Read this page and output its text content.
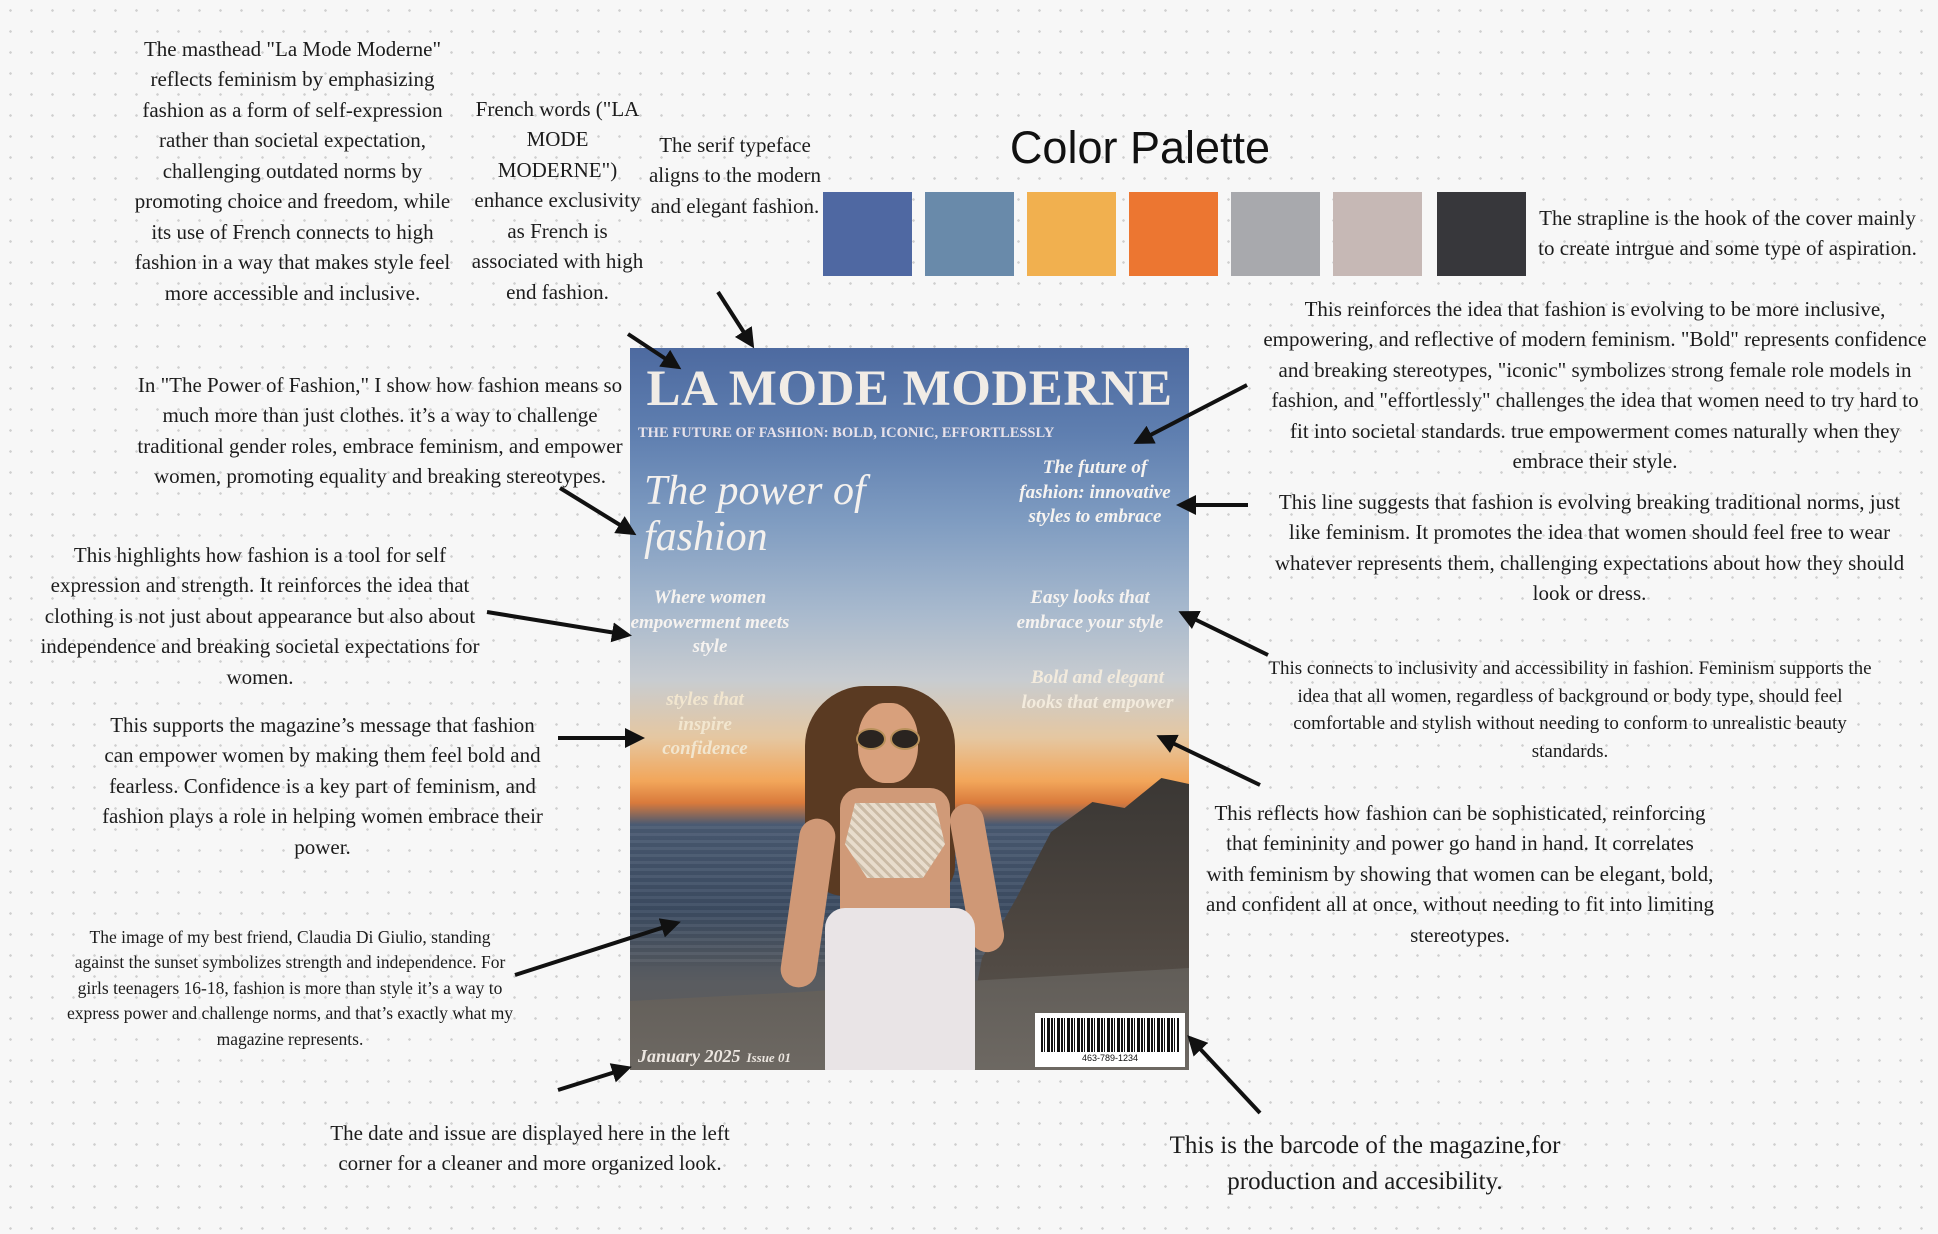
The masthead "La Mode Moderne" reflects feminism by emphasizing fashion as a form of self-expression rather than societal expectation, challenging outdated norms by promoting choice and freedom, while its use of French connects to high fashion in a way that makes style feel more accessible and inclusive.
French words ("LA MODE MODERNE") enhance exclusivity as French is associated with high end fashion.
The serif typeface aligns to the modern and elegant fashion.
In "The Power of Fashion," I show how fashion means so much more than just clothes. it’s a way to challenge traditional gender roles, embrace feminism, and empower women, promoting equality and breaking stereotypes.
This highlights how fashion is a tool for self expression and strength. It reinforces the idea that clothing is not just about appearance but also about independence and breaking societal expectations for women.
This supports the magazine’s message that fashion can empower women by making them feel bold and fearless. Confidence is a key part of feminism, and fashion plays a role in helping women embrace their power.
The image of my best friend, Claudia Di Giulio, standing against the sunset symbolizes strength and independence. For girls teenagers 16-18, fashion is more than style it’s a way to express power and challenge norms, and that’s exactly what my magazine represents.
The date and issue are displayed here in the left corner for a cleaner and more organized look.
Color Palette
The strapline is the hook of the cover mainly to create intrgue and some type of aspiration.
This reinforces the idea that fashion is evolving to be more inclusive, empowering, and reflective of modern feminism. "Bold" represents confidence and breaking stereotypes, "iconic" symbolizes strong female role models in fashion, and "effortlessly" challenges the idea that women need to try hard to fit into societal standards. true empowerment comes naturally when they embrace their style.
This line suggests that fashion is evolving breaking traditional norms, just like feminism. It promotes the idea that women should feel free to wear whatever represents them, challenging expectations about how they should look or dress.
This connects to inclusivity and accessibility in fashion. Feminism supports the idea that all women, regardless of background or body type, should feel comfortable and stylish without needing to conform to unrealistic beauty standards.
This reflects how fashion can be sophisticated, reinforcing that femininity and power go hand in hand. It correlates with feminism by showing that women can be elegant, bold, and confident all at once, without needing to fit into limiting stereotypes.
This is the barcode of the magazine,for production and accesibility.
LA MODE MODERNE
THE FUTURE OF FASHION: BOLD, ICONIC, EFFORTLESSLY
The power of fashion
Where women empowerment meets style
styles that inspire confidence
The future of fashion: innovative styles to embrace
Easy looks that embrace your style
Bold and elegant looks that empower
January 2025 Issue 01	463-789-1234
